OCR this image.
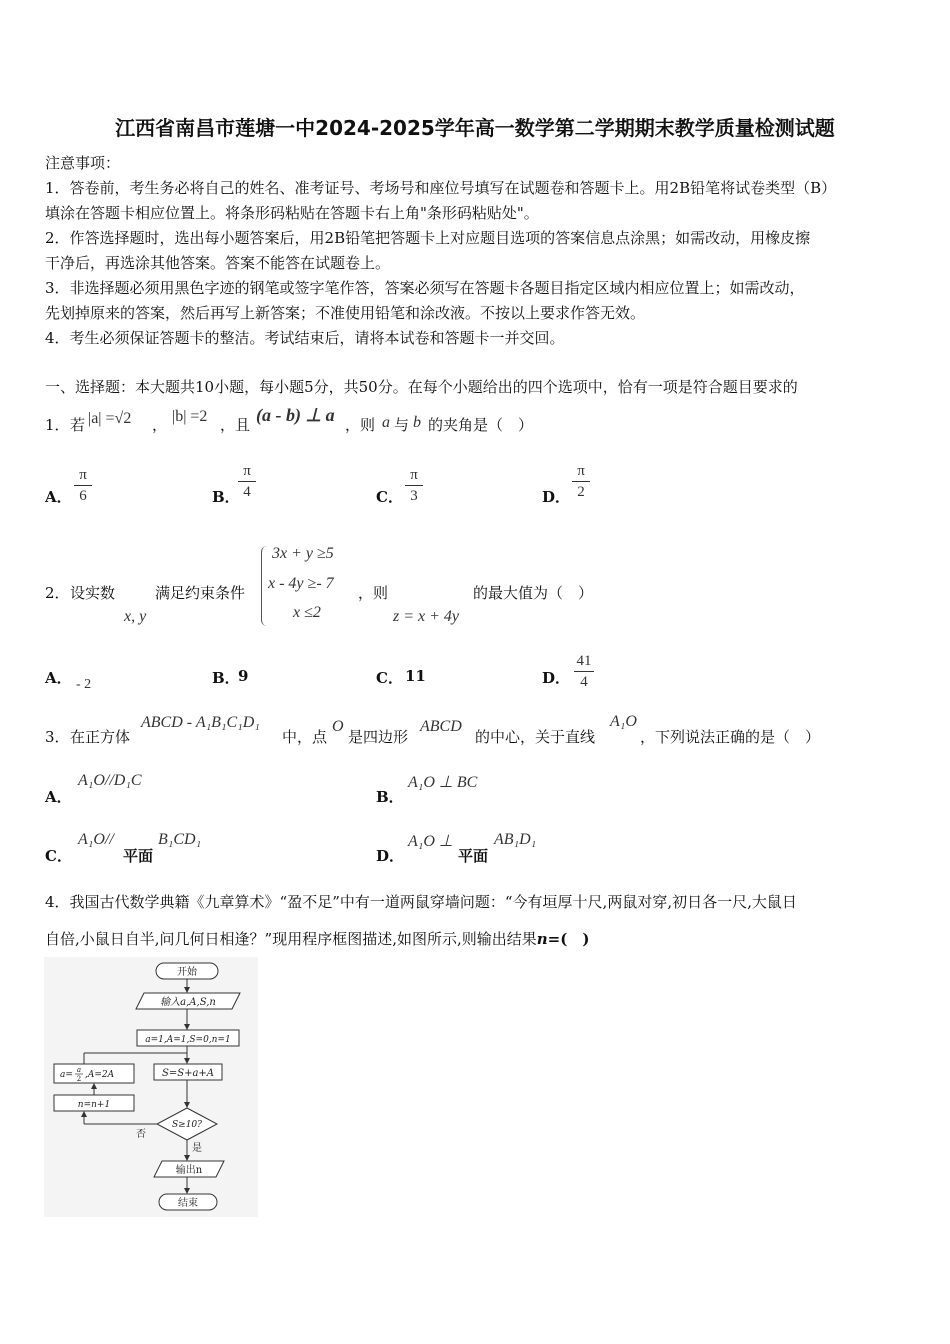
江西省南昌市莲塘一中2024-2025学年高一数学第二学期期末教学质量检测试题
注意事项：
1．答卷前，考生务必将自己的姓名、准考证号、考场号和座位号填写在试题卷和答题卡上。用2B铅笔将试卷类型（B）
填涂在答题卡相应位置上。将条形码粘贴在答题卡右上角"条形码粘贴处"。
2．作答选择题时，选出每小题答案后，用2B铅笔把答题卡上对应题目选项的答案信息点涂黑；如需改动，用橡皮擦
干净后，再选涂其他答案。答案不能答在试题卷上。
3．非选择题必须用黑色字迹的钢笔或签字笔作答，答案必须写在答题卡各题目指定区域内相应位置上；如需改动，
先划掉原来的答案，然后再写上新答案；不准使用铅笔和涂改液。不按以上要求作答无效。
4．考生必须保证答题卡的整洁。考试结束后，请将本试卷和答题卡一并交回。
一、选择题：本大题共10小题，每小题5分，共50分。在每个小题给出的四个选项中，恰有一项是符合题目要求的
1． 若 |a| =√2 ， |b| =2 ，且 (a - b) ⊥ a ，则 a 与 b 的夹角是（　）
A．
π
6	B．
π
4	C．
π
3	D．
π
2
2． 设实数
x, y
满足约束条件
3x + y ≥5
x - 4y ≥- 7
x ≤2
，则
z = x + 4y
的最大值为（　）
A． - 2	B．
9	C． 11	D．
41
4
3． 在正方体
ABCD - A₁B₁C₁D₁
中，点
O
是四边形
ABCD
的中心，关于直线
A₁O
，下列说法正确的是（　）
A．
A₁O//D₁C
B．
A₁O ⊥ BC
C．
A₁O//
平面
B₁CD₁
D．
A₁O ⊥
平面
AB₁D₁
4．我国古代数学典籍《九章算术》“盈不足”中有一道两鼠穿墙问题：“今有垣厚十尺,两鼠对穿,初日各一尺,大鼠日
自倍,小鼠日自半,问几何日相逢？”现用程序框图描述,如图所示,则输出结果n=(　)
开始
输入a,A,S,n
a=1,A=1,S=0,n=1
S=S+a+A
a= a
2 ,A=2A
n=n+1
否
S≥10?
是
输出n
结束
